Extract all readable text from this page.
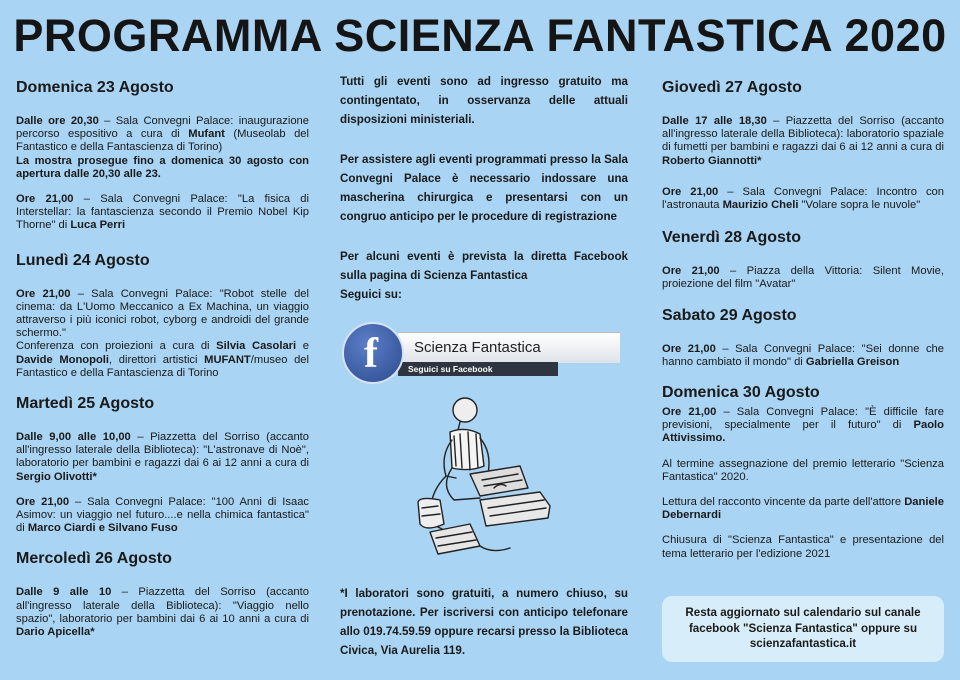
PROGRAMMA SCIENZA FANTASTICA 2020
Domenica 23 Agosto

Dalle ore 20,30 – Sala Convegni Palace: inaugurazione percorso espositivo a cura di Mufant (Museolab del Fantastico e della Fantascienza di Torino)
La mostra prosegue fino a domenica 30 agosto con apertura dalle 20,30 alle 23.

Ore 21,00 – Sala Convegni Palace: "La fisica di Interstellar: la fantascienza secondo il Premio Nobel Kip Thorne" di Luca Perri

Lunedì 24 Agosto

Ore 21,00 – Sala Convegni Palace: "Robot stelle del cinema: da L'Uomo Meccanico a Ex Machina, un viaggio attraverso i più iconici robot, cyborg e androidi del grande schermo."

Conferenza con proiezioni a cura di Silvia Casolari e Davide Monopoli, direttori artistici MUFANT/museo del Fantastico e della Fantascienza di Torino

Martedì 25 Agosto

Dalle 9,00 alle 10,00 – Piazzetta del Sorriso (accanto all'ingresso laterale della Biblioteca): "L'astronave di Noè", laboratorio per bambini e ragazzi dai 6 ai 12 anni a cura di Sergio Olivotti*

Ore 21,00 – Sala Convegni Palace: "100 Anni di Isaac Asimov: un viaggio nel futuro....e nella chimica fantastica" di Marco Ciardi e Silvano Fuso

Mercoledì 26 Agosto

Dalle 9 alle 10 – Piazzetta del Sorriso (accanto all'ingresso laterale della Biblioteca): "Viaggio nello spazio", laboratorio per bambini dai 6 ai 10 anni a cura di Dario Apicella*

Tutti gli eventi sono ad ingresso gratuito ma contingentato, in osservanza delle attuali disposizioni ministeriali.

Per assistere agli eventi programmati presso la Sala Convegni Palace è necessario indossare una mascherina chirurgica e presentarsi con un congruo anticipo per le procedure di registrazione

Per alcuni eventi è prevista la diretta Facebook sulla pagina di Scienza Fantastica

Seguici su:

Scienza Fantastica
Seguici su Facebook
f
*I laboratori sono gratuiti, a numero chiuso, su prenotazione. Per iscriversi con anticipo telefonare allo 019.74.59.59 oppure recarsi presso la Biblioteca Civica, Via Aurelia 119.
Giovedì 27 Agosto

Dalle 17 alle 18,30 – Piazzetta del Sorriso (accanto all'ingresso laterale della Biblioteca): laboratorio spaziale di fumetti per bambini e ragazzi dai 6 ai 12 anni a cura di Roberto Giannotti*

Ore 21,00 – Sala Convegni Palace: Incontro con l'astronauta Maurizio Cheli "Volare sopra le nuvole"

Venerdì 28 Agosto

Ore 21,00 – Piazza della Vittoria: Silent Movie, proiezione del film "Avatar"

Sabato 29 Agosto

Ore 21,00 – Sala Convegni Palace: "Sei donne che hanno cambiato il mondo" di Gabriella Greison

Domenica 30 Agosto

Ore 21,00 – Sala Convegni Palace: "È difficile fare previsioni, specialmente per il futuro" di Paolo Attivissimo.

Al termine assegnazione del premio letterario "Scienza Fantastica" 2020.

Lettura del racconto vincente da parte dell'attore Daniele Debernardi

Chiusura di "Scienza Fantastica" e presentazione del tema letterario per l'edizione 2021

Resta aggiornato sul calendario sul canale facebook "Scienza Fantastica" oppure su scienzafantastica.it
